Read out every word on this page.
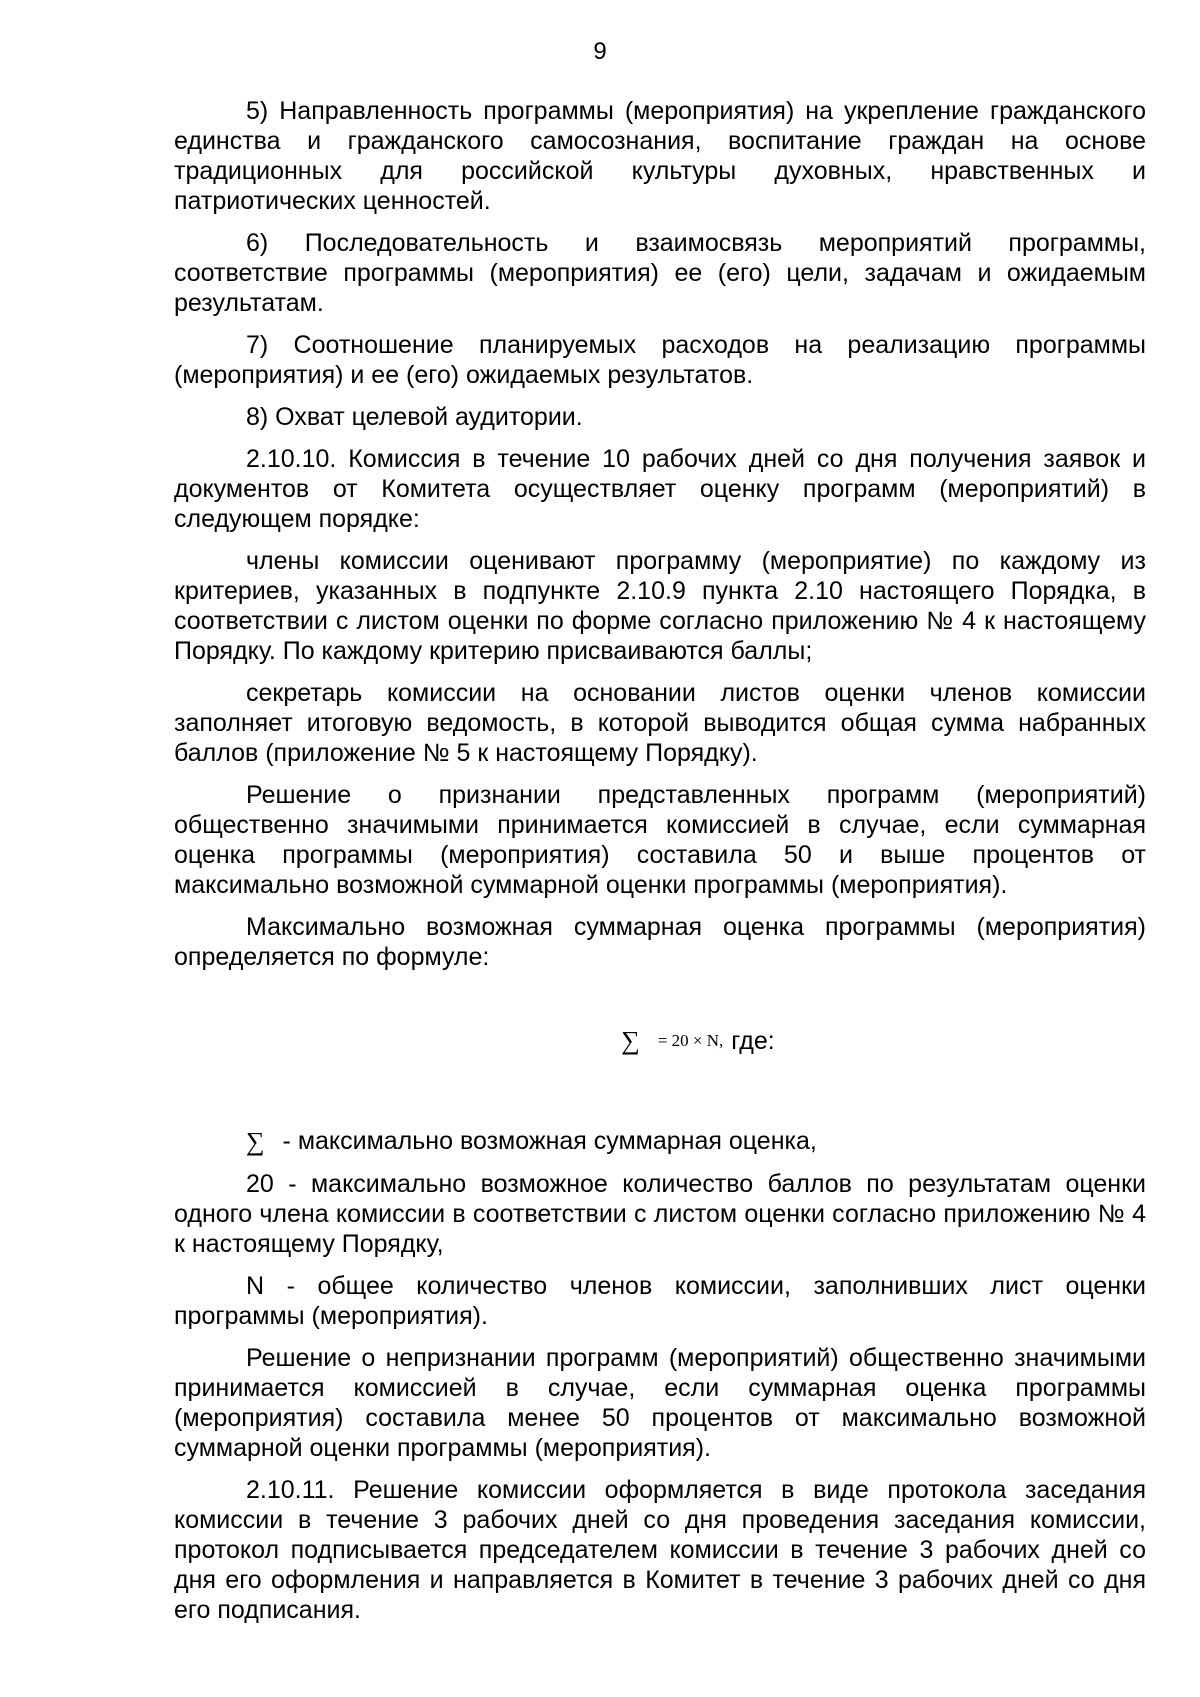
9

5) Направленность программы (мероприятия) на укрепление гражданского единства и гражданского самосознания, воспитание граждан на основе традиционных для российской культуры духовных, нравственных и патриотических ценностей.

6) Последовательность и взаимосвязь мероприятий программы, соответствие программы (мероприятия) ее (его) цели, задачам и ожидаемым результатам.

7) Соотношение планируемых расходов на реализацию программы (мероприятия) и ее (его) ожидаемых результатов.

8) Охват целевой аудитории.

2.10.10. Комиссия в течение 10 рабочих дней со дня получения заявок и документов от Комитета осуществляет оценку программ (мероприятий) в следующем порядке:

члены комиссии оценивают программу (мероприятие) по каждому из критериев, указанных в подпункте 2.10.9 пункта 2.10 настоящего Порядка, в соответствии с листом оценки по форме согласно приложению № 4 к настоящему Порядку. По каждому критерию присваиваются баллы;

секретарь комиссии на основании листов оценки членов комиссии заполняет итоговую ведомость, в которой выводится общая сумма набранных баллов (приложение № 5 к настоящему Порядку).

Решение о признании представленных программ (мероприятий) общественно значимыми принимается комиссией в случае, если суммарная оценка программы (мероприятия) составила 50 и выше процентов от максимально возможной суммарной оценки программы (мероприятия).

Максимально возможная суммарная оценка программы (мероприятия) определяется по формуле:

∑ = 20 × N, где:
∑ - максимально возможная суммарная оценка,

20 - максимально возможное количество баллов по результатам оценки одного члена комиссии в соответствии с листом оценки согласно приложению № 4 к настоящему Порядку,

N - общее количество членов комиссии, заполнивших лист оценки программы (мероприятия).

Решение о непризнании программ (мероприятий) общественно значимыми принимается комиссией в случае, если суммарная оценка программы (мероприятия) составила менее 50 процентов от максимально возможной суммарной оценки программы (мероприятия).

2.10.11. Решение комиссии оформляется в виде протокола заседания комиссии в течение 3 рабочих дней со дня проведения заседания комиссии, протокол подписывается председателем комиссии в течение 3 рабочих дней со дня его оформления и направляется в Комитет в течение 3 рабочих дней со дня его подписания.
